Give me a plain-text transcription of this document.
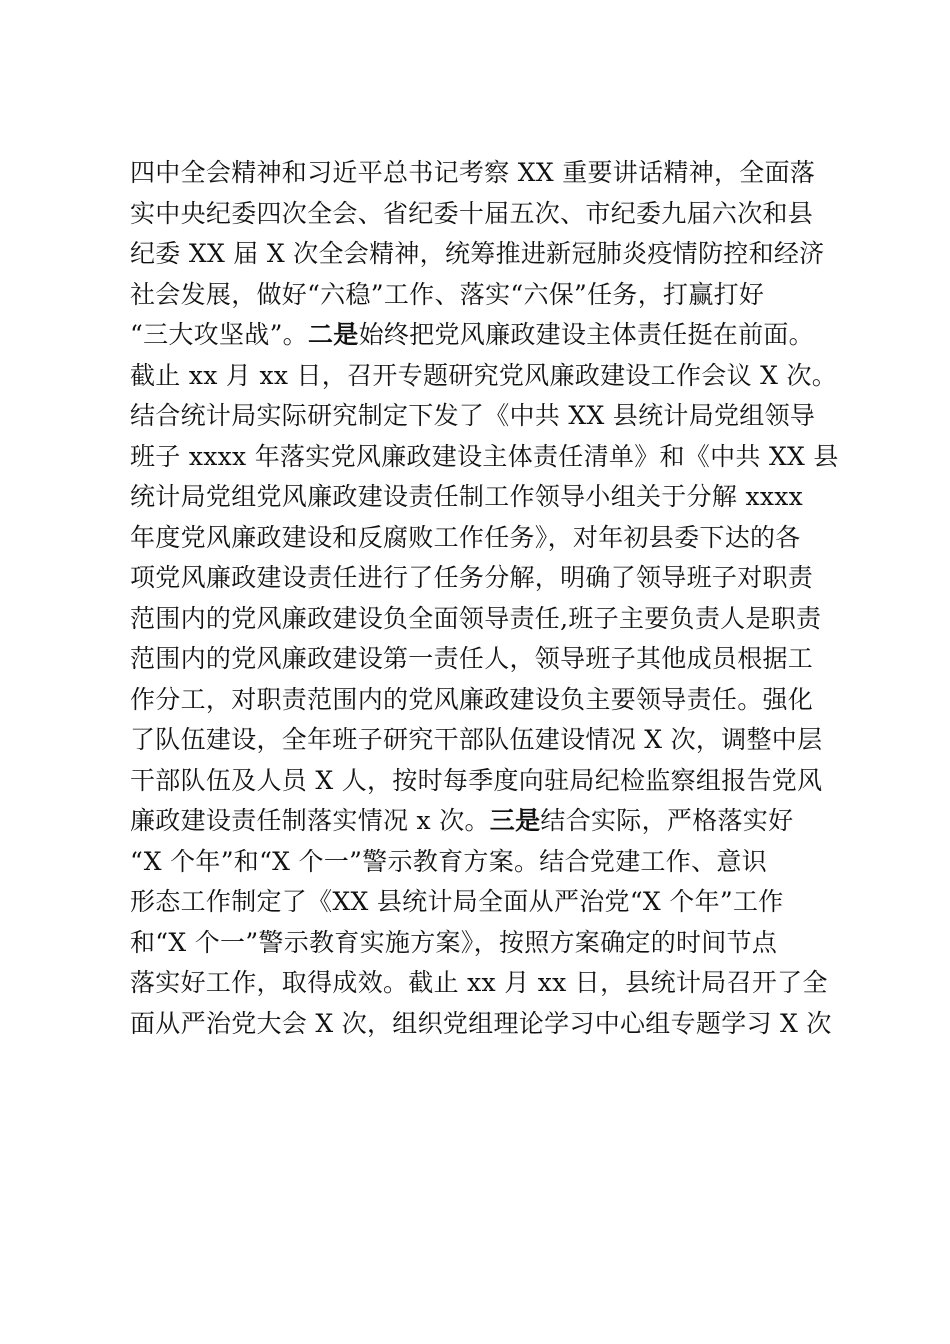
四中全会精神和习近平总书记考察 XX 重要讲话精神，全面落
实中央纪委四次全会、省纪委十届五次、市纪委九届六次和县
纪委 XX 届 X 次全会精神，统筹推进新冠肺炎疫情防控和经济
社会发展，做好“六稳”工作、落实“六保”任务，打赢打好
“三大攻坚战”。二是始终把党风廉政建设主体责任挺在前面。
截止 xx 月 xx 日，召开专题研究党风廉政建设工作会议 X 次。
结合统计局实际研究制定下发了《中共 XX 县统计局党组领导
班子 xxxx 年落实党风廉政建设主体责任清单》和《中共 XX 县
统计局党组党风廉政建设责任制工作领导小组关于分解 xxxx
年度党风廉政建设和反腐败工作任务》，对年初县委下达的各
项党风廉政建设责任进行了任务分解，明确了领导班子对职责
范围内的党风廉政建设负全面领导责任,班子主要负责人是职责
范围内的党风廉政建设第一责任人，领导班子其他成员根据工
作分工，对职责范围内的党风廉政建设负主要领导责任。强化
了队伍建设，全年班子研究干部队伍建设情况 X 次，调整中层
干部队伍及人员 X 人，按时每季度向驻局纪检监察组报告党风
廉政建设责任制落实情况 x 次。三是结合实际，严格落实好
“X 个年”和“X 个一”警示教育方案。结合党建工作、意识
形态工作制定了《XX 县统计局全面从严治党“X 个年”工作
和“X 个一”警示教育实施方案》，按照方案确定的时间节点
落实好工作，取得成效。截止 xx 月 xx 日，县统计局召开了全
面从严治党大会 X 次，组织党组理论学习中心组专题学习 X 次
